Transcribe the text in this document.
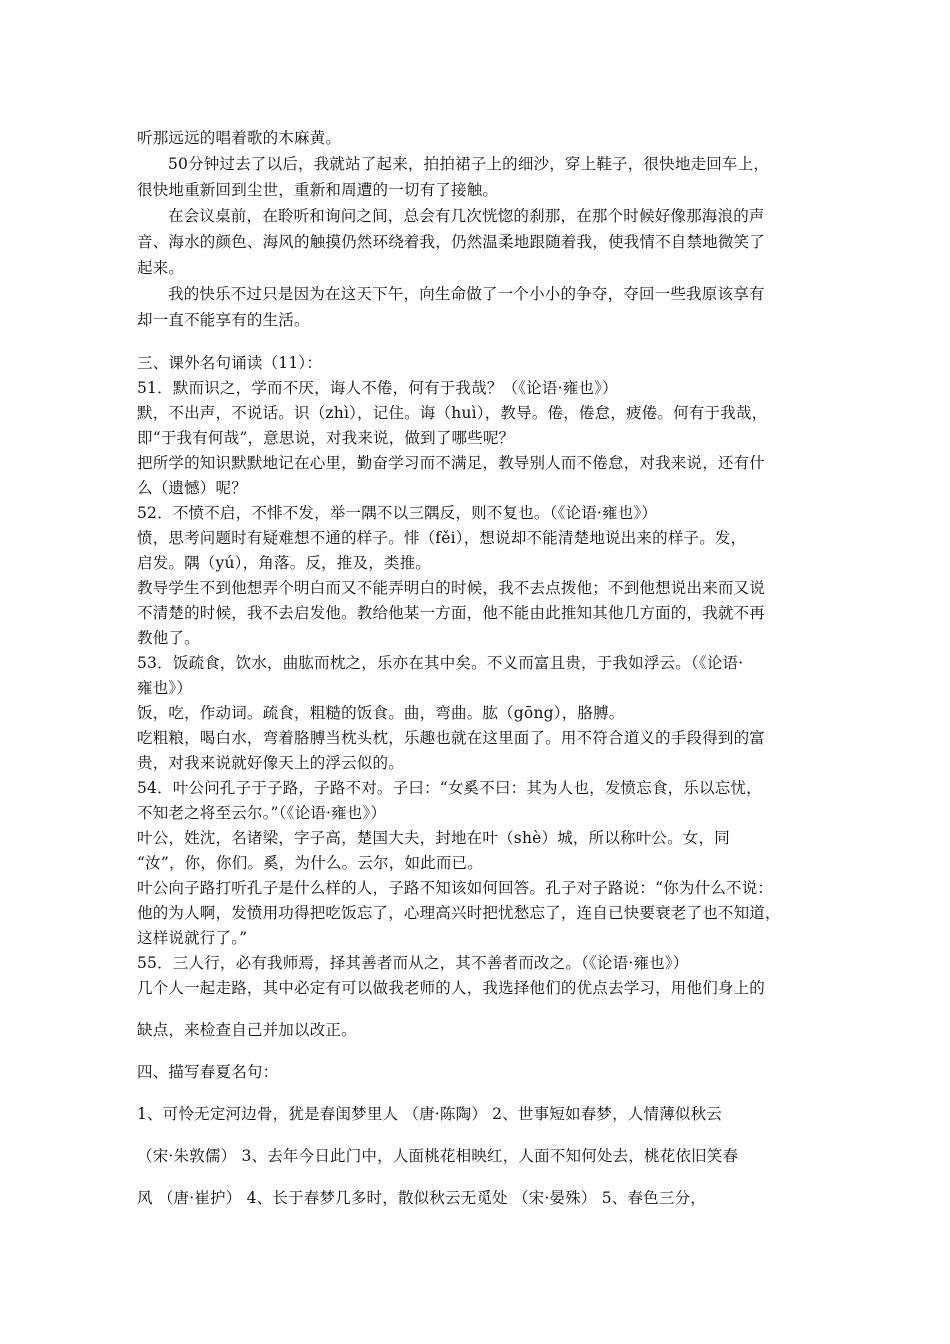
听那远远的唱着歌的木麻黄。
50分钟过去了以后，我就站了起来，拍拍裙子上的细沙，穿上鞋子，很快地走回车上，
很快地重新回到尘世，重新和周遭的一切有了接触。
在会议桌前，在聆听和询问之间，总会有几次恍惚的刹那，在那个时候好像那海浪的声
音、海水的颜色、海风的触摸仍然环绕着我，仍然温柔地跟随着我，使我情不自禁地微笑了
起来。
我的快乐不过只是因为在这天下午，向生命做了一个小小的争夺，夺回一些我原该享有
却一直不能享有的生活。
三、课外名句诵读（11）：
51．默而识之，学而不厌，诲人不倦，何有于我哉？（《论语·雍也》）
默，不出声，不说话。识（zhì），记住。诲（huì），教导。倦，倦怠，疲倦。何有于我哉，
即“于我有何哉”，意思说，对我来说，做到了哪些呢？
把所学的知识默默地记在心里，勤奋学习而不满足，教导别人而不倦怠，对我来说，还有什
么（遗憾）呢？
52．不愤不启，不悱不发，举一隅不以三隅反，则不复也。（《论语·雍也》）
愤，思考问题时有疑难想不通的样子。悱（fěi），想说却不能清楚地说出来的样子。发，
启发。隅（yú），角落。反，推及，类推。
教导学生不到他想弄个明白而又不能弄明白的时候，我不去点拨他；不到他想说出来而又说
不清楚的时候，我不去启发他。教给他某一方面，他不能由此推知其他几方面的，我就不再
教他了。
53．饭疏食，饮水，曲肱而枕之，乐亦在其中矣。不义而富且贵，于我如浮云。（《论语·
雍也》）
饭，吃，作动词。疏食，粗糙的饭食。曲，弯曲。肱（gōng），胳膊。
吃粗粮，喝白水，弯着胳膊当枕头枕，乐趣也就在这里面了。用不符合道义的手段得到的富
贵，对我来说就好像天上的浮云似的。
54．叶公问孔子于子路，子路不对。子曰：“女奚不曰：其为人也，发愤忘食，乐以忘忧，
不知老之将至云尔。”（《论语·雍也》）
叶公，姓沈，名诸梁，字子高，楚国大夫，封地在叶（shè）城，所以称叶公。女，同
“汝”，你，你们。奚，为什么。云尔，如此而已。
叶公向子路打听孔子是什么样的人，子路不知该如何回答。孔子对子路说：“你为什么不说：
他的为人啊，发愤用功得把吃饭忘了，心理高兴时把忧愁忘了，连自已快要衰老了也不知道，
这样说就行了。”
55．三人行，必有我师焉，择其善者而从之，其不善者而改之。（《论语·雍也》）
几个人一起走路，其中必定有可以做我老师的人，我选择他们的优点去学习，用他们身上的
缺点，来检查自己并加以改正。
四、描写春夏名句：
1、可怜无定河边骨，犹是春闺梦里人 （唐·陈陶） 2、世事短如春梦，人情薄似秋云
（宋·朱敦儒） 3、去年今日此门中，人面桃花相映红，人面不知何处去，桃花依旧笑春
风 （唐·崔护） 4、长于春梦几多时，散似秋云无觅处 （宋·晏殊） 5、春色三分，
